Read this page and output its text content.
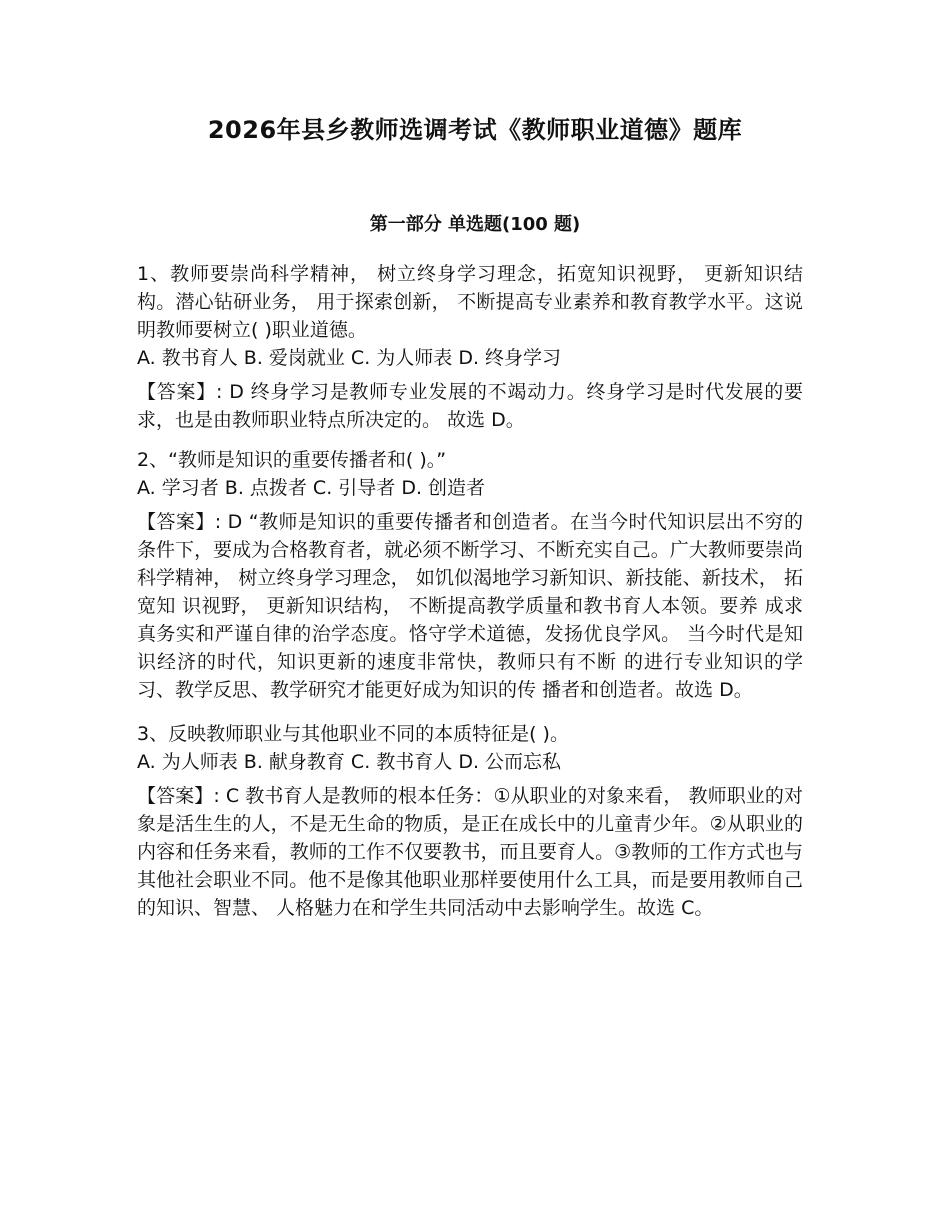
2026年县乡教师选调考试《教师职业道德》题库
第一部分 单选题(100 题)

1、教师要崇尚科学精神， 树立终身学习理念，拓宽知识视野， 更新知识结构。潜心钻研业务， 用于探索创新， 不断提高专业素养和教育教学水平。这说明教师要树立( )职业道德。

A. 教书育人 B. 爱岗就业 C. 为人师表 D. 终身学习

【答案】: D 终身学习是教师专业发展的不竭动力。终身学习是时代发展的要求，也是由教师职业特点所决定的。 故选 D。

2、“教师是知识的重要传播者和( )。”

A. 学习者 B. 点拨者 C. 引导者 D. 创造者

【答案】: D “教师是知识的重要传播者和创造者。在当今时代知识层出不穷的条件下，要成为合格教育者，就必须不断学习、不断充实自己。广大教师要崇尚科学精神， 树立终身学习理念， 如饥似渴地学习新知识、新技能、新技术， 拓宽知 识视野， 更新知识结构， 不断提高教学质量和教书育人本领。要养 成求真务实和严谨自律的治学态度。恪守学术道德，发扬优良学风。 当今时代是知识经济的时代，知识更新的速度非常快，教师只有不断 的进行专业知识的学习、教学反思、教学研究才能更好成为知识的传 播者和创造者。故选 D。

3、反映教师职业与其他职业不同的本质特征是( )。

A. 为人师表 B. 献身教育 C. 教书育人 D. 公而忘私

【答案】: C 教书育人是教师的根本任务：①从职业的对象来看， 教师职业的对象是活生生的人，不是无生命的物质，是正在成长中的儿童青少年。②从职业的内容和任务来看，教师的工作不仅要教书，而且要育人。③教师的工作方式也与其他社会职业不同。他不是像其他职业那样要使用什么工具，而是要用教师自己的知识、智慧、 人格魅力在和学生共同活动中去影响学生。故选 C。
